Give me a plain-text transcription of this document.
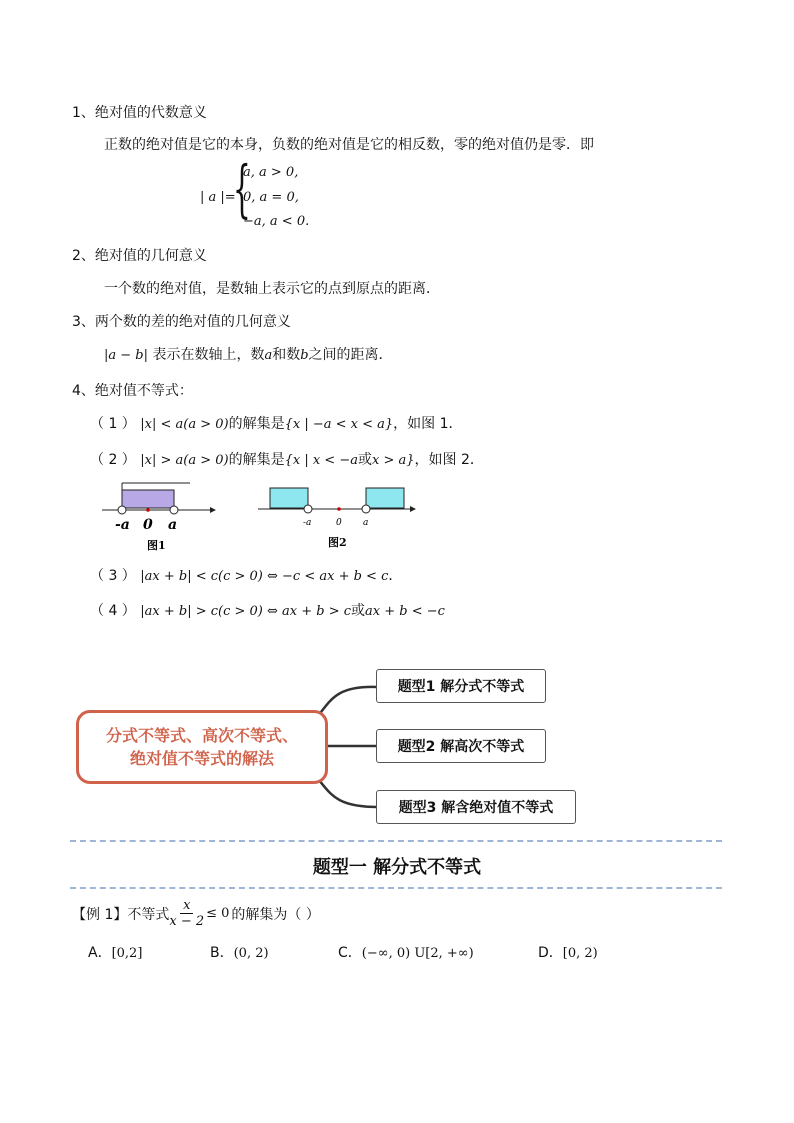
1、绝对值的代数意义
正数的绝对值是它的本身，负数的绝对值是它的相反数，零的绝对值仍是零．即
| a |=
{
a, a > 0,
0, a = 0,
−a, a < 0.
2、绝对值的几何意义
一个数的绝对值，是数轴上表示它的点到原点的距离．
3、两个数的差的绝对值的几何意义
|a − b| 表示在数轴上，数a和数b之间的距离．
4、绝对值不等式：
（ 1 ） |x| < a(a > 0)的解集是{x | −a < x < a}，如图 1．
（ 2 ） |x| > a(a > 0)的解集是{x | x < −a或x > a}，如图 2．
-a 0 a
图1
-a	0 a
图2
（ 3 ） |ax + b| < c(c > 0) ⇔ −c < ax + b < c．
（ 4 ） |ax + b| > c(c > 0) ⇔ ax + b > c或ax + b < −c
分式不等式、高次不等式、
绝对值不等式的解法
题型1 解分式不等式
题型2 解高次不等式
题型3 解含绝对值不等式
题型一 解分式不等式
【例 1】 不等式 $\frac{x}{x - 2} \le 0$ 的解集为（ ）
A．[0,2]	B．(0, 2)	C．(−∞, 0) U[2, +∞)	D．[0, 2)
